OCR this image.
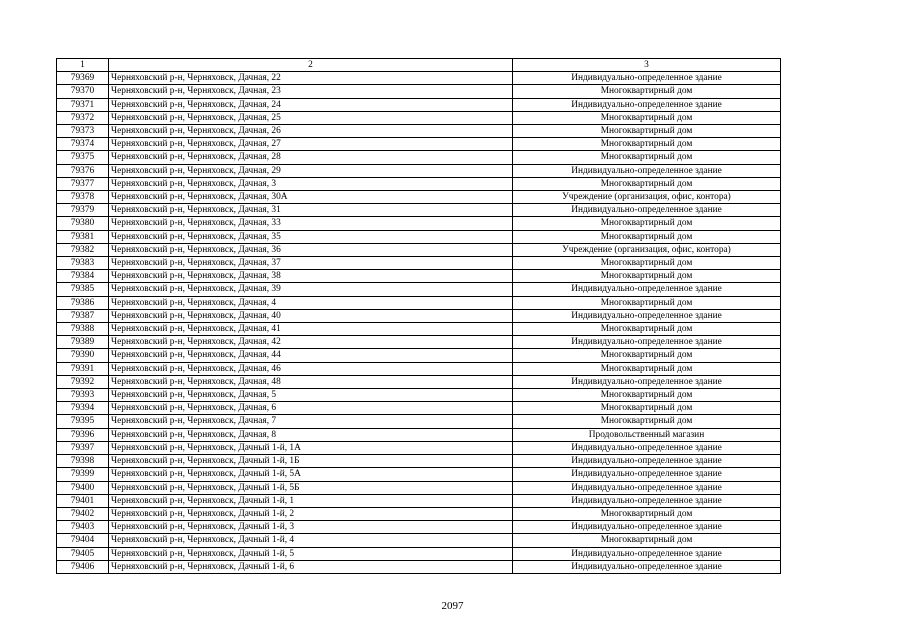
1	2	3
79369	Черняховский р-н, Черняховск, Дачная, 22	Индивидуально-определенное здание
79370	Черняховский р-н, Черняховск, Дачная, 23	Многоквартирный дом
79371	Черняховский р-н, Черняховск, Дачная, 24	Индивидуально-определенное здание
79372	Черняховский р-н, Черняховск, Дачная, 25	Многоквартирный дом
79373	Черняховский р-н, Черняховск, Дачная, 26	Многоквартирный дом
79374	Черняховский р-н, Черняховск, Дачная, 27	Многоквартирный дом
79375	Черняховский р-н, Черняховск, Дачная, 28	Многоквартирный дом
79376	Черняховский р-н, Черняховск, Дачная, 29	Индивидуально-определенное здание
79377	Черняховский р-н, Черняховск, Дачная, 3	Многоквартирный дом
79378	Черняховский р-н, Черняховск, Дачная, 30А	Учреждение (организация, офис, контора)
79379	Черняховский р-н, Черняховск, Дачная, 31	Индивидуально-определенное здание
79380	Черняховский р-н, Черняховск, Дачная, 33	Многоквартирный дом
79381	Черняховский р-н, Черняховск, Дачная, 35	Многоквартирный дом
79382	Черняховский р-н, Черняховск, Дачная, 36	Учреждение (организация, офис, контора)
79383	Черняховский р-н, Черняховск, Дачная, 37	Многоквартирный дом
79384	Черняховский р-н, Черняховск, Дачная, 38	Многоквартирный дом
79385	Черняховский р-н, Черняховск, Дачная, 39	Индивидуально-определенное здание
79386	Черняховский р-н, Черняховск, Дачная, 4	Многоквартирный дом
79387	Черняховский р-н, Черняховск, Дачная, 40	Индивидуально-определенное здание
79388	Черняховский р-н, Черняховск, Дачная, 41	Многоквартирный дом
79389	Черняховский р-н, Черняховск, Дачная, 42	Индивидуально-определенное здание
79390	Черняховский р-н, Черняховск, Дачная, 44	Многоквартирный дом
79391	Черняховский р-н, Черняховск, Дачная, 46	Многоквартирный дом
79392	Черняховский р-н, Черняховск, Дачная, 48	Индивидуально-определенное здание
79393	Черняховский р-н, Черняховск, Дачная, 5	Многоквартирный дом
79394	Черняховский р-н, Черняховск, Дачная, 6	Многоквартирный дом
79395	Черняховский р-н, Черняховск, Дачная, 7	Многоквартирный дом
79396	Черняховский р-н, Черняховск, Дачная, 8	Продовольственный магазин
79397	Черняховский р-н, Черняховск, Дачный 1-й, 1А	Индивидуально-определенное здание
79398	Черняховский р-н, Черняховск, Дачный 1-й, 1Б	Индивидуально-определенное здание
79399	Черняховский р-н, Черняховск, Дачный 1-й, 5А	Индивидуально-определенное здание
79400	Черняховский р-н, Черняховск, Дачный 1-й, 5Б	Индивидуально-определенное здание
79401	Черняховский р-н, Черняховск, Дачный 1-й, 1	Индивидуально-определенное здание
79402	Черняховский р-н, Черняховск, Дачный 1-й, 2	Многоквартирный дом
79403	Черняховский р-н, Черняховск, Дачный 1-й, 3	Индивидуально-определенное здание
79404	Черняховский р-н, Черняховск, Дачный 1-й, 4	Многоквартирный дом
79405	Черняховский р-н, Черняховск, Дачный 1-й, 5	Индивидуально-определенное здание
79406	Черняховский р-н, Черняховск, Дачный 1-й, 6	Индивидуально-определенное здание
2097
